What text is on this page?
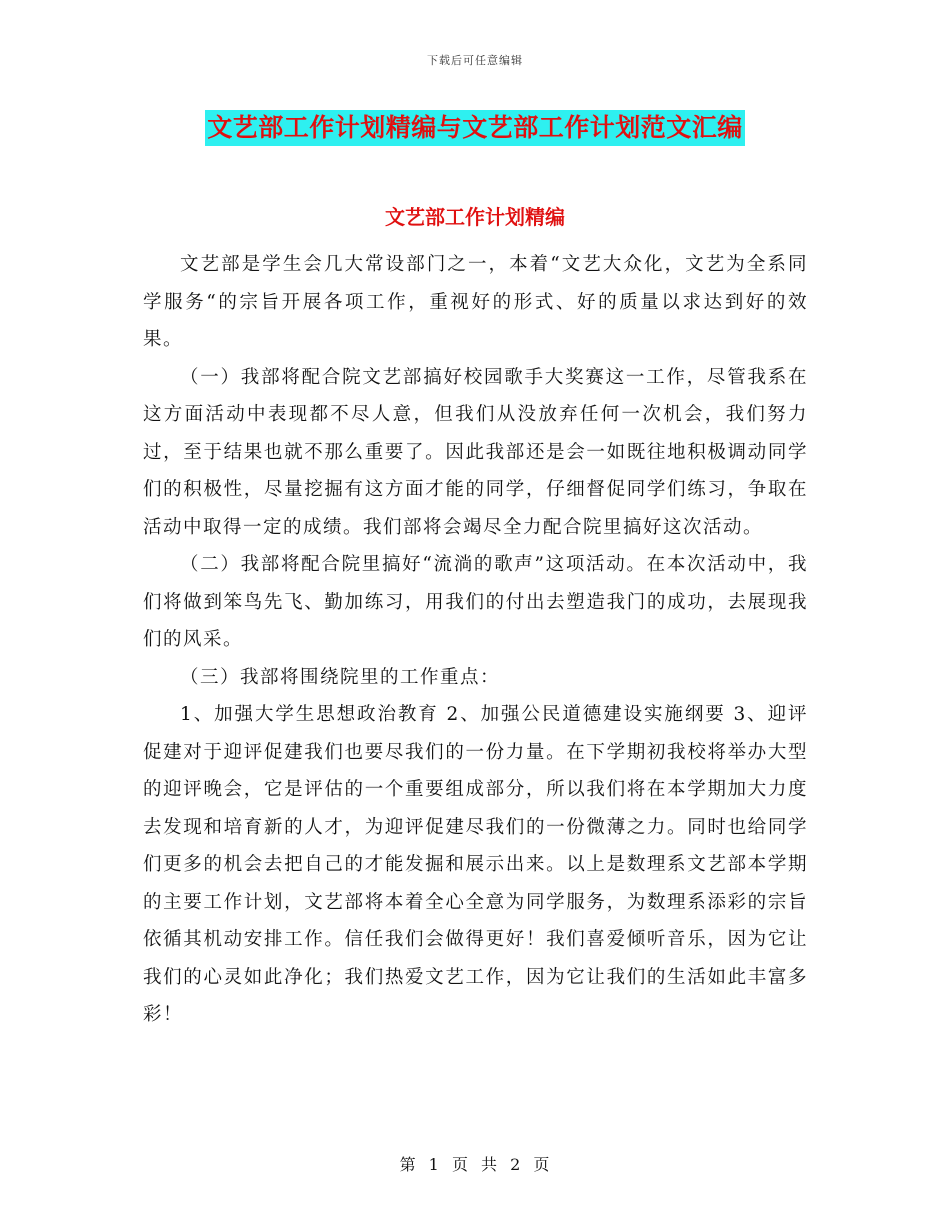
下载后可任意编辑
文艺部工作计划精编与文艺部工作计划范文汇编
文艺部工作计划精编

文艺部是学生会几大常设部门之一，本着“文艺大众化，文艺为全系同学服务“的宗旨开展各项工作，重视好的形式、好的质量以求达到好的效果。

（一）我部将配合院文艺部搞好校园歌手大奖赛这一工作，尽管我系在这方面活动中表现都不尽人意，但我们从没放弃任何一次机会，我们努力过，至于结果也就不那么重要了。因此我部还是会一如既往地积极调动同学们的积极性，尽量挖掘有这方面才能的同学，仔细督促同学们练习，争取在活动中取得一定的成绩。我们部将会竭尽全力配合院里搞好这次活动。

（二）我部将配合院里搞好“流淌的歌声”这项活动。在本次活动中，我们将做到笨鸟先飞、勤加练习，用我们的付出去塑造我门的成功，去展现我们的风采。

（三）我部将围绕院里的工作重点：

1、加强大学生思想政治教育 2、加强公民道德建设实施纲要 3、迎评促建对于迎评促建我们也要尽我们的一份力量。在下学期初我校将举办大型的迎评晚会，它是评估的一个重要组成部分，所以我们将在本学期加大力度去发现和培育新的人才，为迎评促建尽我们的一份微薄之力。同时也给同学们更多的机会去把自己的才能发掘和展示出来。以上是数理系文艺部本学期的主要工作计划，文艺部将本着全心全意为同学服务，为数理系添彩的宗旨依循其机动安排工作。信任我们会做得更好！我们喜爱倾听音乐，因为它让我们的心灵如此净化；我们热爱文艺工作，因为它让我们的生活如此丰富多彩！

第 1 页 共 2 页
